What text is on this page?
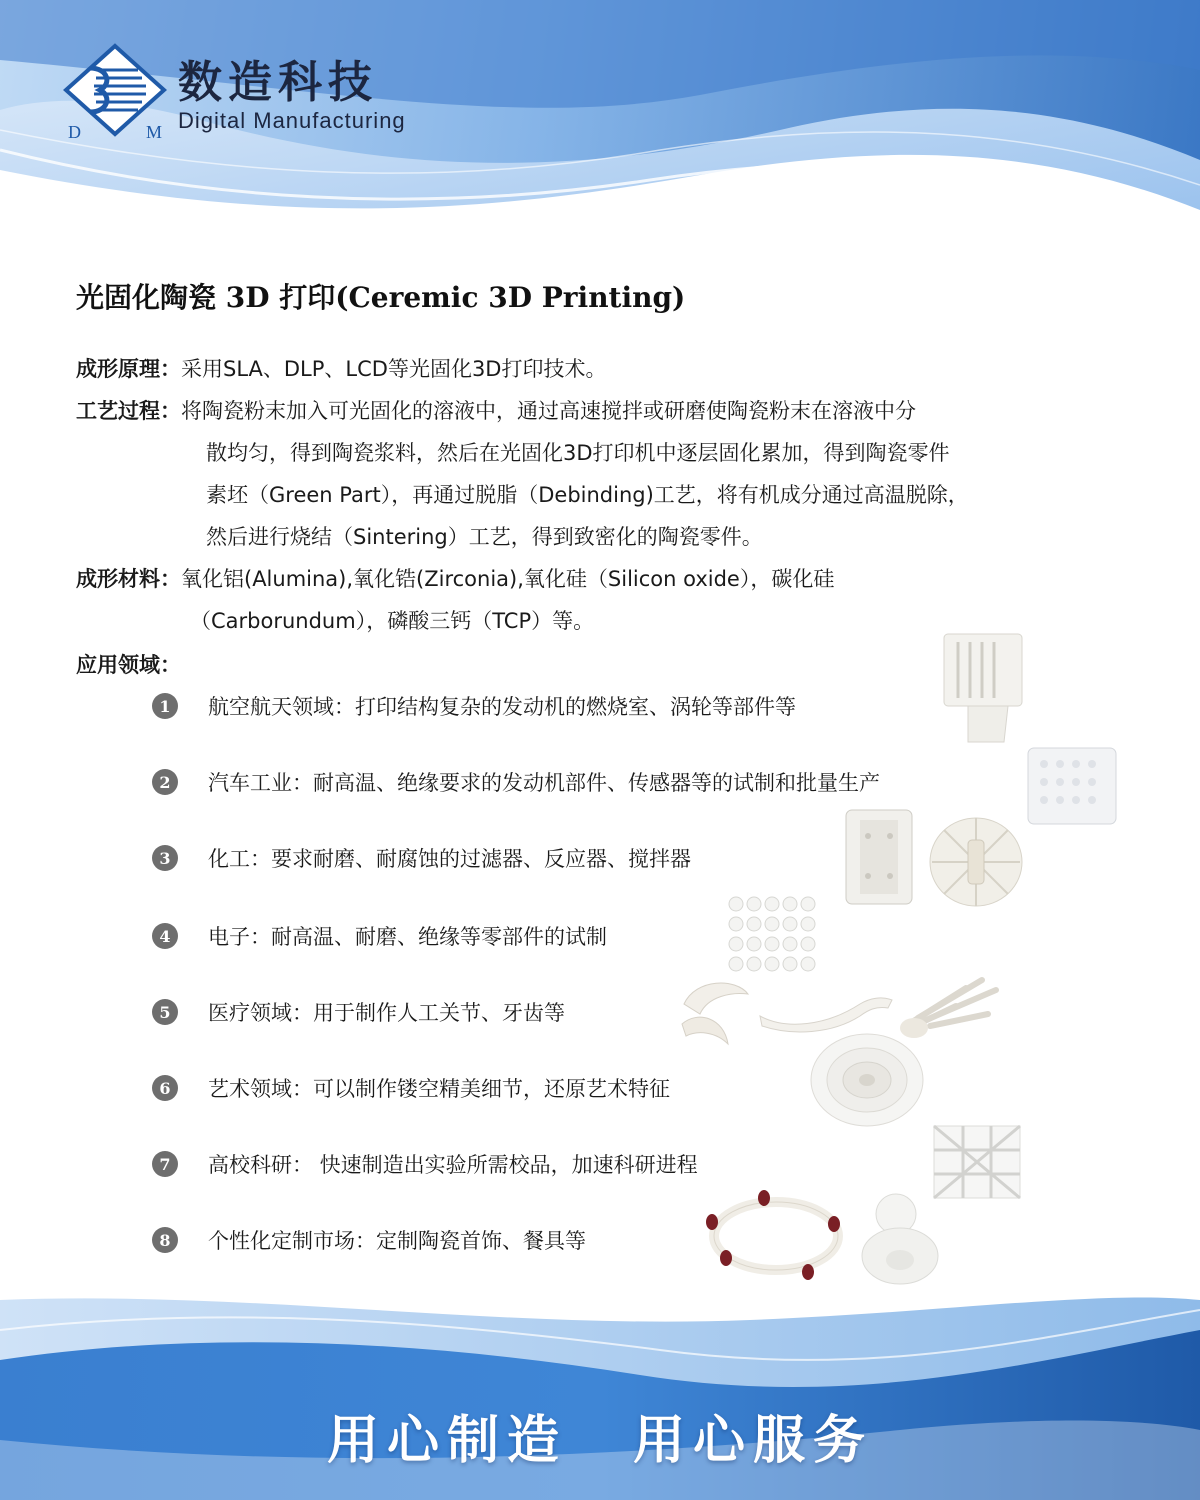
D	M
数造科技
Digital Manufacturing
光固化陶瓷 3D 打印(Ceremic 3D Printing)
成形原理：采用SLA、DLP、LCD等光固化3D打印技术。
工艺过程：将陶瓷粉末加入可光固化的溶液中，通过高速搅拌或研磨使陶瓷粉末在溶液中分
散均匀，得到陶瓷浆料，然后在光固化3D打印机中逐层固化累加，得到陶瓷零件
素坯（Green Part），再通过脱脂（Debinding)工艺，将有机成分通过高温脱除，
然后进行烧结（Sintering）工艺，得到致密化的陶瓷零件。
成形材料：氧化铝(Alumina),氧化锆(Zirconia),氧化硅（Silicon oxide），碳化硅
（Carborundum），磷酸三钙（TCP）等。
应用领域：
1	航空航天领域：打印结构复杂的发动机的燃烧室、涡轮等部件等
2	汽车工业：耐高温、绝缘要求的发动机部件、传感器等的试制和批量生产
3	化工：要求耐磨、耐腐蚀的过滤器、反应器、搅拌器
4	电子：耐高温、耐磨、绝缘等零部件的试制
5	医疗领域：用于制作人工关节、牙齿等
6	艺术领域：可以制作镂空精美细节，还原艺术特征
7	高校科研： 快速制造出实验所需校品，加速科研进程
8	个性化定制市场：定制陶瓷首饰、餐具等
用心制造 用心服务
